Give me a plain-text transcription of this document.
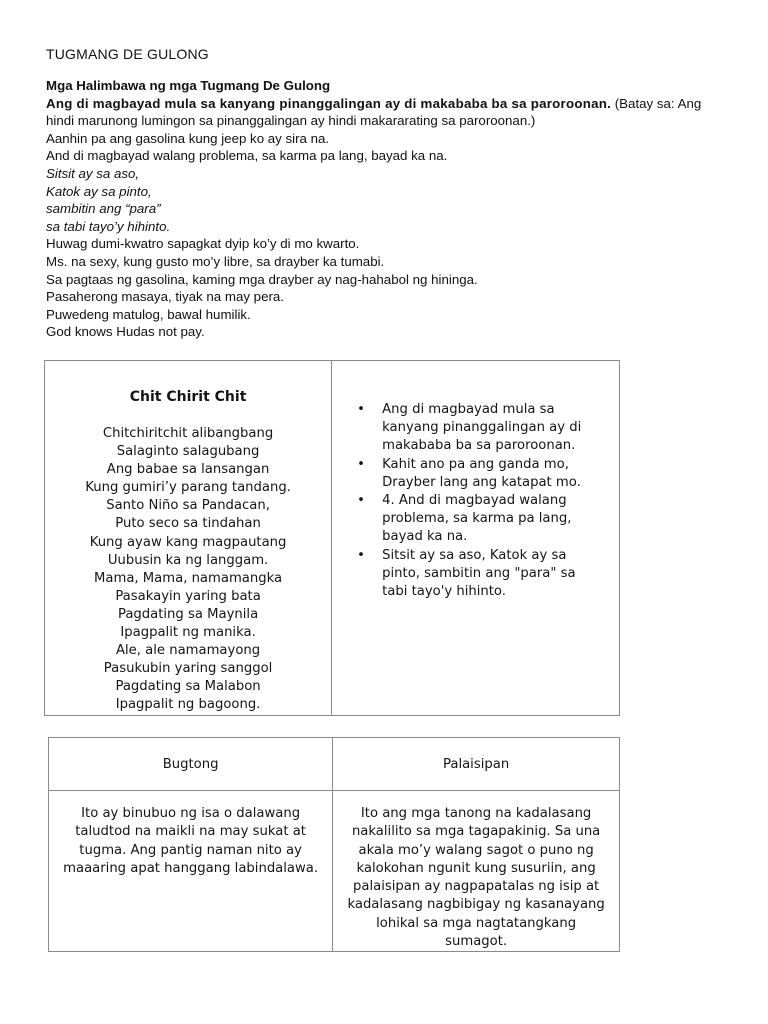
TUGMANG DE GULONG

Mga Halimbawa ng mga Tugmang De Gulong

Ang di magbayad mula sa kanyang pinanggalingan ay di makababa ba sa paroroonan. (Batay sa: Ang hindi marunong lumingon sa pinanggalingan ay hindi makararating sa paroroonan.)

Aanhin pa ang gasolina kung jeep ko ay sira na.

And di magbayad walang problema, sa karma pa lang, bayad ka na.

Sitsit ay sa aso,

Katok ay sa pinto,

sambitin ang “para”

sa tabi tayo’y hihinto.

Huwag dumi-kwatro sapagkat dyip ko’y di mo kwarto.

Ms. na sexy, kung gusto mo’y libre, sa drayber ka tumabi.

Sa pagtaas ng gasolina, kaming mga drayber ay nag-hahabol ng hininga.

Pasaherong masaya, tiyak na may pera.

Puwedeng matulog, bawal humilik.

God knows Hudas not pay.

Chit Chirit Chit
Chitchiritchit alibangbang
Salaginto salagubang
Ang babae sa lansangan
Kung gumiri’y parang tandang.
Santo Niño sa Pandacan,
Puto seco sa tindahan
Kung ayaw kang magpautang
Uubusin ka ng langgam.
Mama, Mama, namamangka
Pasakayin yaring bata
Pagdating sa Maynila
Ipagpalit ng manika.
Ale, ale namamayong
Pasukubin yaring sanggol
Pagdating sa Malabon
Ipagpalit ng bagoong.

• Ang di magbayad mula sa kanyang pinanggalingan ay di makababa ba sa paroroonan.
• Kahit ano pa ang ganda mo, Drayber lang ang katapat mo.
• 4. And di magbayad walang problema, sa karma pa lang, bayad ka na.
• Sitsit ay sa aso, Katok ay sa pinto, sambitin ang "para" sa tabi tayo'y hihinto.
Bugtong	Palaisipan
Ito ay binubuo ng isa o dalawang taludtod na maikli na may sukat at tugma. Ang pantig naman nito ay maaaring apat hanggang labindalawa.	Ito ang mga tanong na kadalasang nakalilito sa mga tagapakinig. Sa una akala mo’y walang sagot o puno ng kalokohan ngunit kung susuriin, ang palaisipan ay nagpapatalas ng isip at kadalasang nagbibigay ng kasanayang lohikal sa mga nagtatangkang sumagot.
